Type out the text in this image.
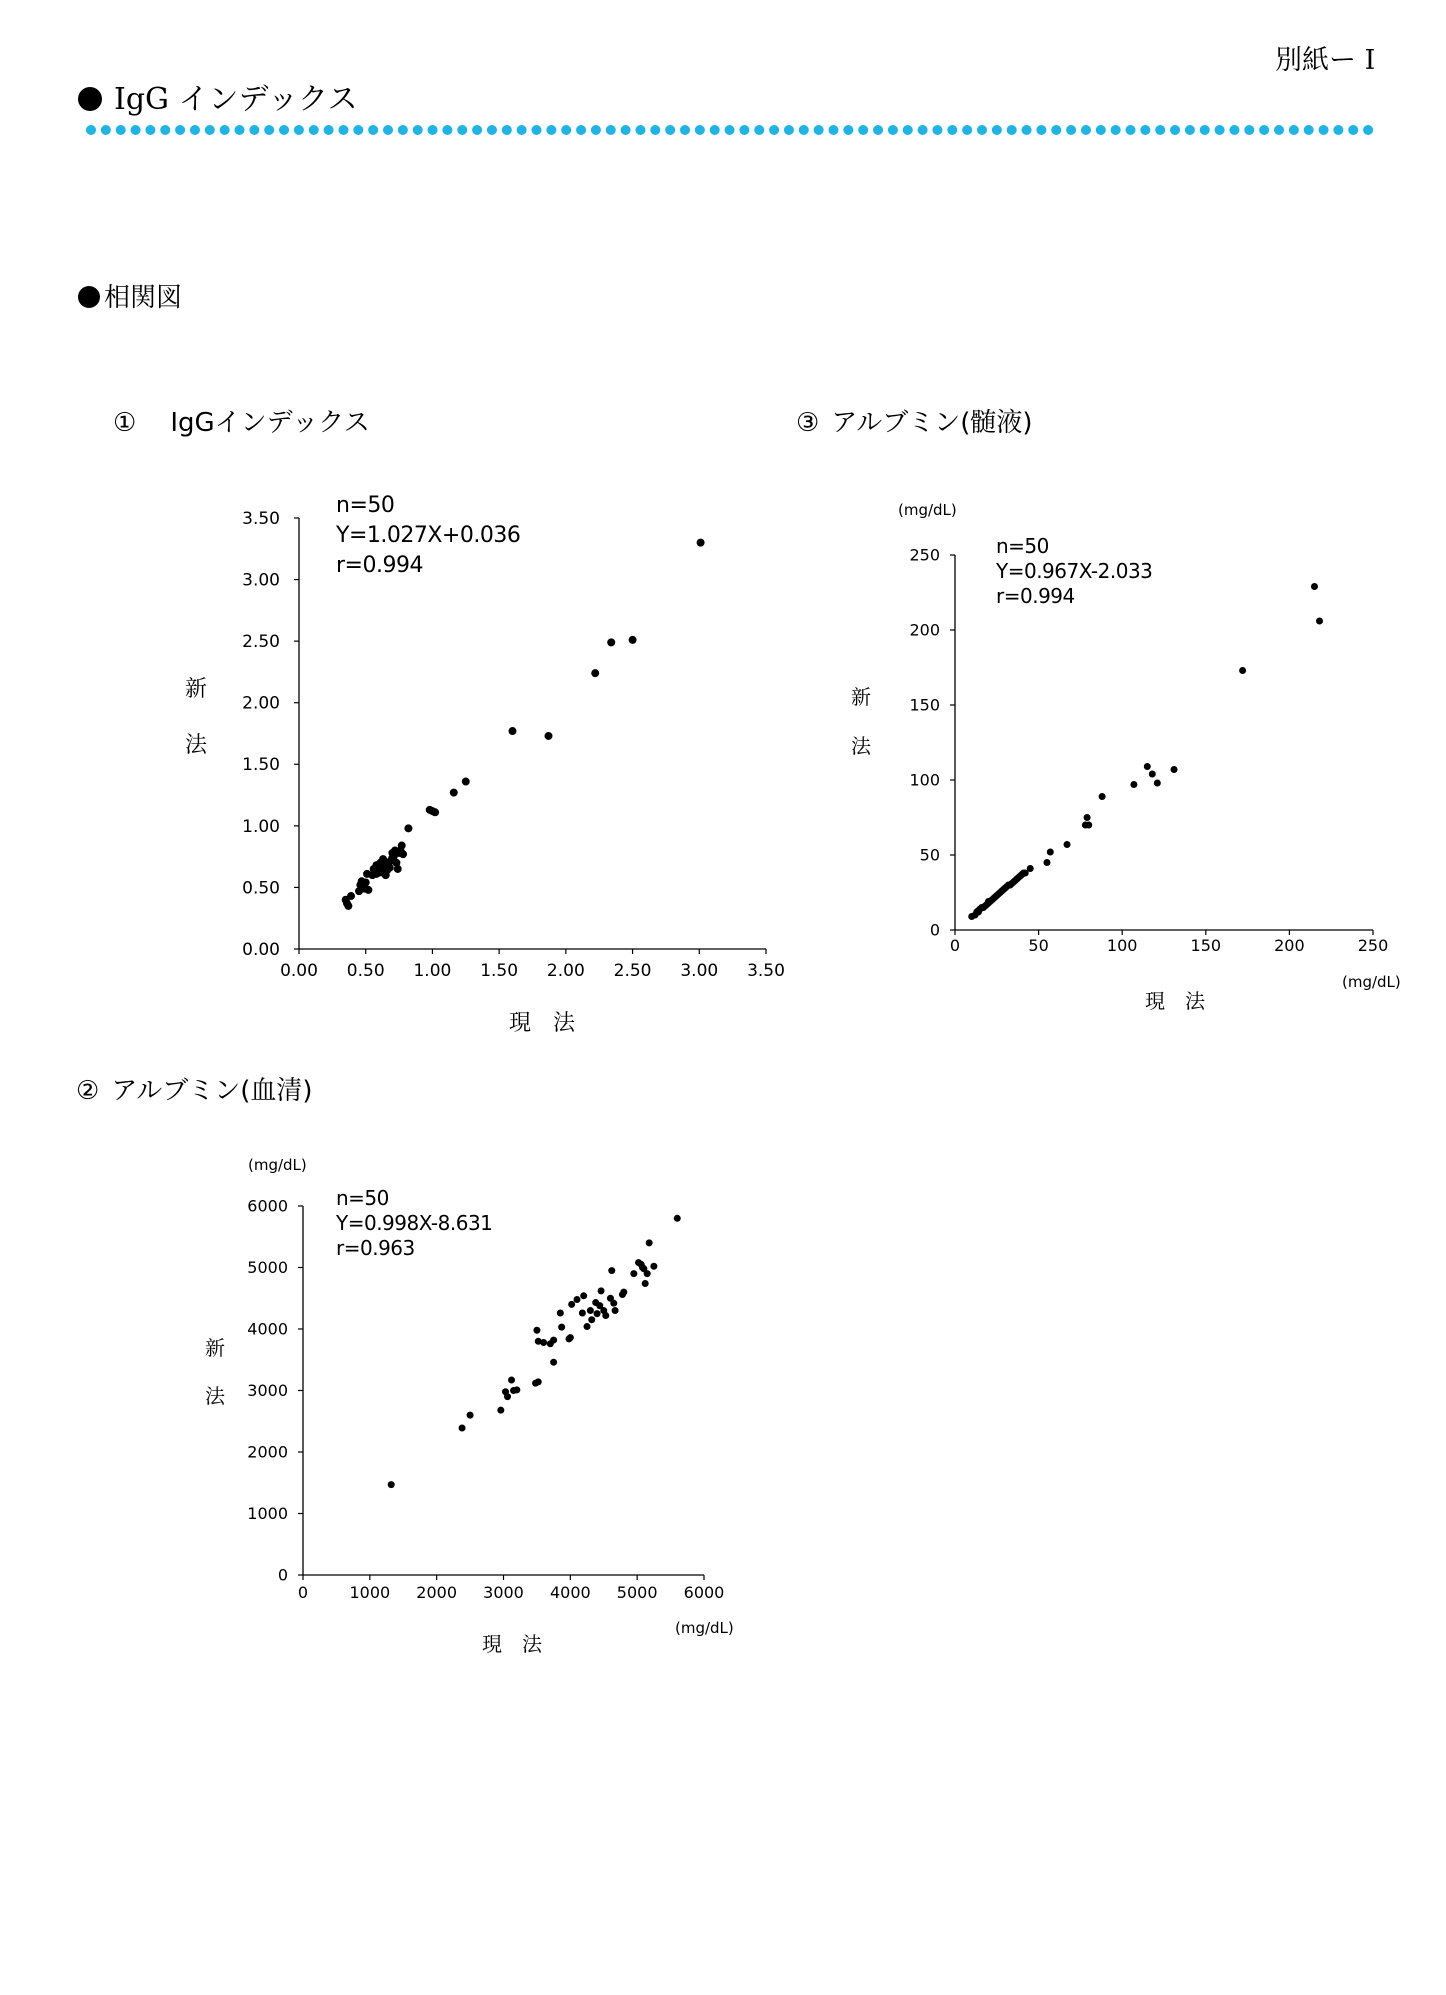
別紙ー I
IgG インデックス
相関図
① IgGインデックス	③ アルブミン(髄液)
② アルブミン(血清)
0.00
0.50
1.00
1.50
2.00
2.50
3.00
3.50
0.00 0.50 1.00 1.50 2.00 2.50 3.00 3.50
n=50
Y=1.027X+0.036
r=0.994
新
法
現　法
0
1000
2000
3000
4000
5000
6000
0	1000 2000 3000 4000 5000 6000
n=50
Y=0.998X-8.631
r=0.963
新
法
現　法
(mg/dL)
(mg/dL)
0
50
100
150
200
250
0	50	100	150	200	250
n=50
Y=0.967X-2.033
r=0.994
新
法
現　法
(mg/dL)
(mg/dL)
